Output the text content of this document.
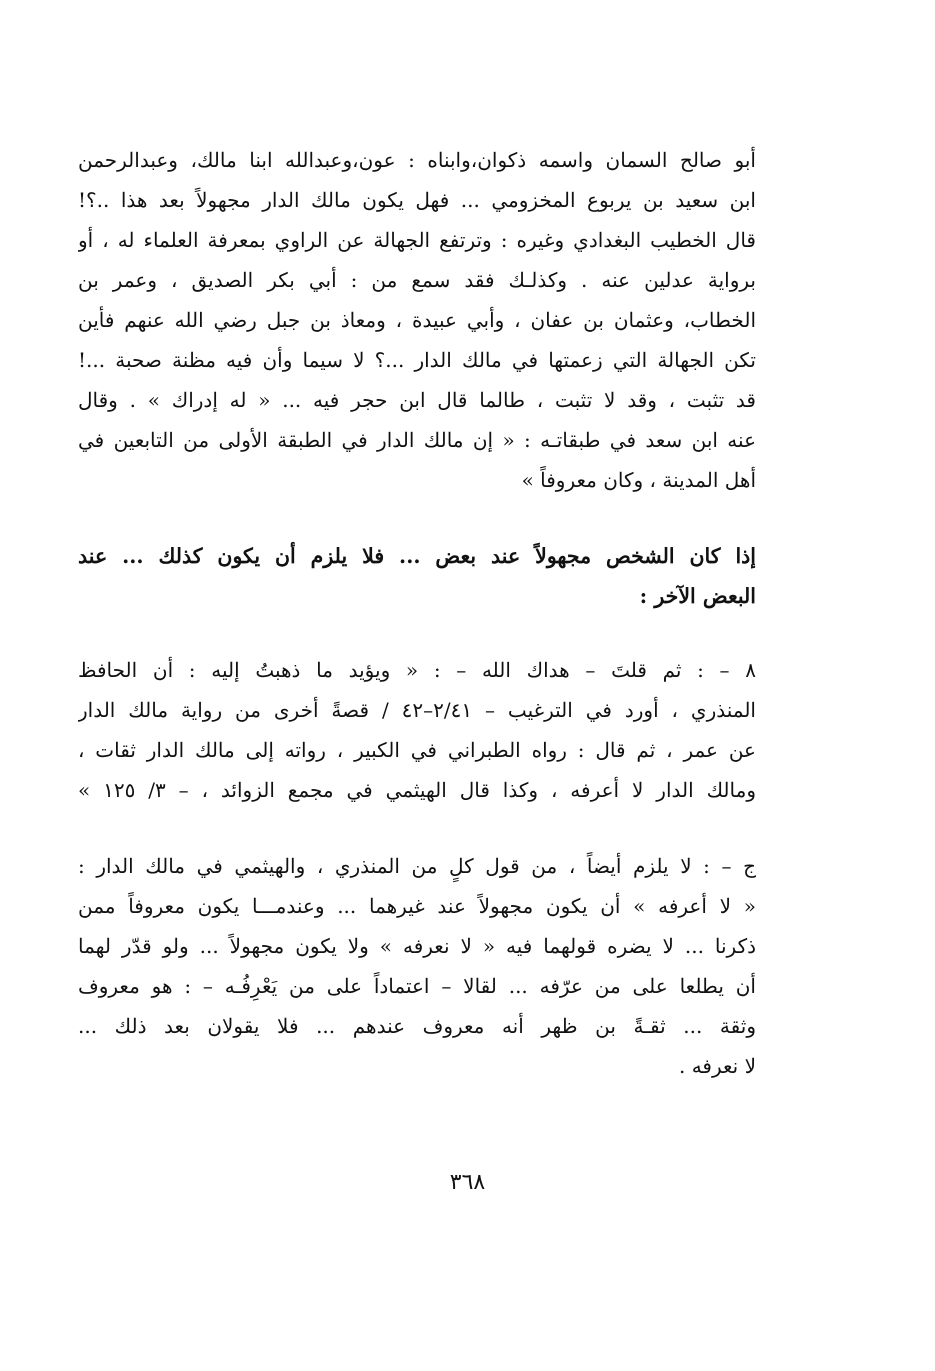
أبو صالح السمان واسمه ذكوان،وابناه : عون،وعبدالله ابنا مالك، وعبدالرحمن
ابن سعيد بن يربوع المخزومي ... فهل يكون مالك الدار مجهولاً بعد هذا ..؟!
قال الخطيب البغدادي وغيره : وترتفع الجهالة عن الراوي بمعرفة العلماء له ، أو
برواية عدلين عنه . وكذلـك فقد سمع من : أبي بكر الصديق ، وعمر بن
الخطاب، وعثمان بن عفان ، وأبي عبيدة ، ومعاذ بن جبل رضي الله عنهم فأين
تكن الجهالة التي زعمتها في مالك الدار ...؟ لا سيما وأن فيه مظنة صحبة ...!
قد تثبت ، وقد لا تثبت ، طالما قال ابن حجر فيه ... « له إدراك » . وقال
عنه ابن سعد في طبقاتـه : « إن مالك الدار في الطبقة الأولى من التابعين في
أهل المدينة ، وكان معروفاً »
إذا كان الشخص مجهولاً عند بعض ... فلا يلزم أن يكون كذلك ... عند
البعض الآخر :
٨ً – : ثم قلتَ – هداك الله – : « ويؤيد ما ذهبتُ إليه : أن الحافظ
المنذري ، أورد في الترغيب – ٢/٤١–٤٢ / قصةً أخرى من رواية مالك الدار
عن عمر ، ثم قال : رواه الطبراني في الكبير ، رواته إلى مالك الدار ثقات ،
ومالك الدار لا أعرفه ، وكذا قال الهيثمي في مجمع الزوائد ، – ٣/ ١٢٥ »
ج – : لا يلزم أيضاً ، من قول كلٍ من المنذري ، والهيثمي في مالك الدار :
« لا أعرفه » أن يكون مجهولاً عند غيرهما ... وعندمـــا يكون معروفاً ممن
ذكرنا ... لا يضره قولهما فيه « لا نعرفه » ولا يكون مجهولاً ... ولو قدّر لهما
أن يطلعا على من عرّفه ... لقالا – اعتماداً على من يَعْرِفُـه – : هو معروف
وثقة ... ثقـةً بن ظهر أنه معروف عندهم ... فلا يقولان بعد ذلك ...
لا نعرفه .
٣٦٨
